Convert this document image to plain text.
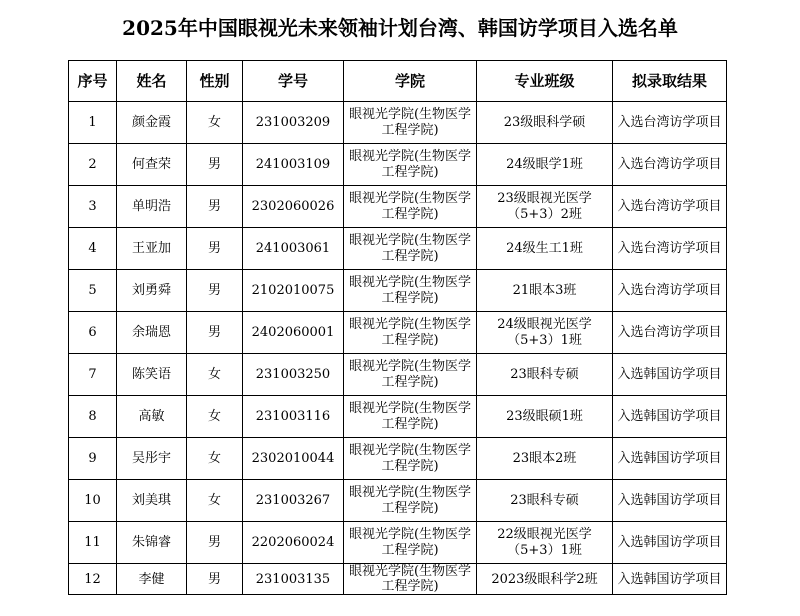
2025年中国眼视光未来领袖计划台湾、韩国访学项目入选名单
序号	姓名	性别	学号	学院	专业班级	拟录取结果
1	颜金霞	女	231003209	眼视光学院(生物医学工程学院)	23级眼科学硕	入选台湾访学项目
2	何查荣	男	241003109	眼视光学院(生物医学工程学院)	24级眼学1班	入选台湾访学项目
3	单明浩	男	2302060026	眼视光学院(生物医学工程学院)	23级眼视光医学（5+3）2班	入选台湾访学项目
4	王亚加	男	241003061	眼视光学院(生物医学工程学院)	24级生工1班	入选台湾访学项目
5	刘勇舜	男	2102010075	眼视光学院(生物医学工程学院)	21眼本3班	入选台湾访学项目
6	余瑞恩	男	2402060001	眼视光学院(生物医学工程学院)	24级眼视光医学（5+3）1班	入选台湾访学项目
7	陈笑语	女	231003250	眼视光学院(生物医学工程学院)	23眼科专硕	入选韩国访学项目
8	高敏	女	231003116	眼视光学院(生物医学工程学院)	23级眼硕1班	入选韩国访学项目
9	吴彤宇	女	2302010044	眼视光学院(生物医学工程学院)	23眼本2班	入选韩国访学项目
10	刘美琪	女	231003267	眼视光学院(生物医学工程学院)	23眼科专硕	入选韩国访学项目
11	朱锦睿	男	2202060024	眼视光学院(生物医学工程学院)	22级眼视光医学（5+3）1班	入选韩国访学项目
12	李健	男	231003135	眼视光学院(生物医学工程学院)	2023级眼科学2班	入选韩国访学项目
